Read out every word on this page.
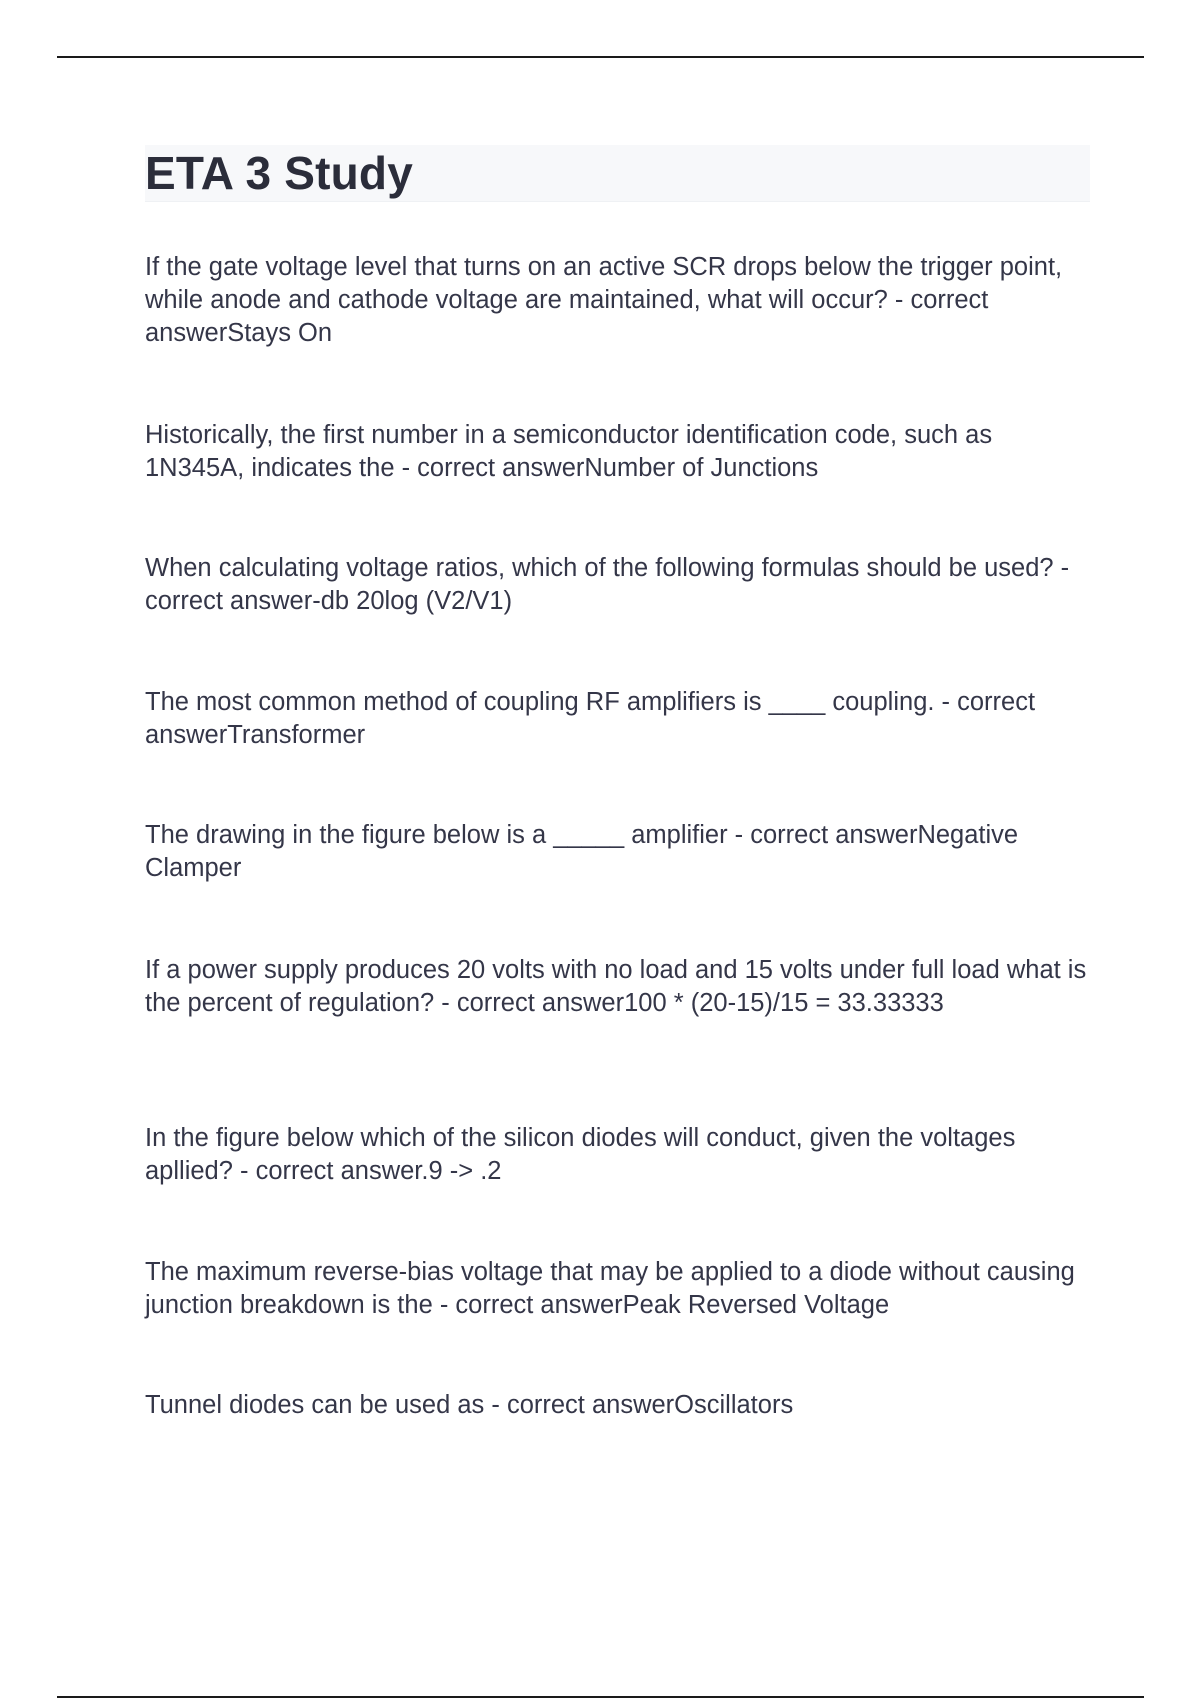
ETA 3 Study

If the gate voltage level that turns on an active SCR drops below the trigger point, while anode and cathode voltage are maintained, what will occur? - correct answerStays On

Historically, the first number in a semiconductor identification code, such as 1N345A, indicates the - correct answerNumber of Junctions

When calculating voltage ratios, which of the following formulas should be used? - correct answer-db 20log (V2/V1)

The most common method of coupling RF amplifiers is ____ coupling. - correct answerTransformer

The drawing in the figure below is a _____ amplifier - correct answerNegative Clamper

If a power supply produces 20 volts with no load and 15 volts under full load what is the percent of regulation? - correct answer100 * (20-15)/15 = 33.33333

In the figure below which of the silicon diodes will conduct, given the voltages apllied? - correct answer.9 -> .2

The maximum reverse-bias voltage that may be applied to a diode without causing junction breakdown is the - correct answerPeak Reversed Voltage

Tunnel diodes can be used as - correct answerOscillators
